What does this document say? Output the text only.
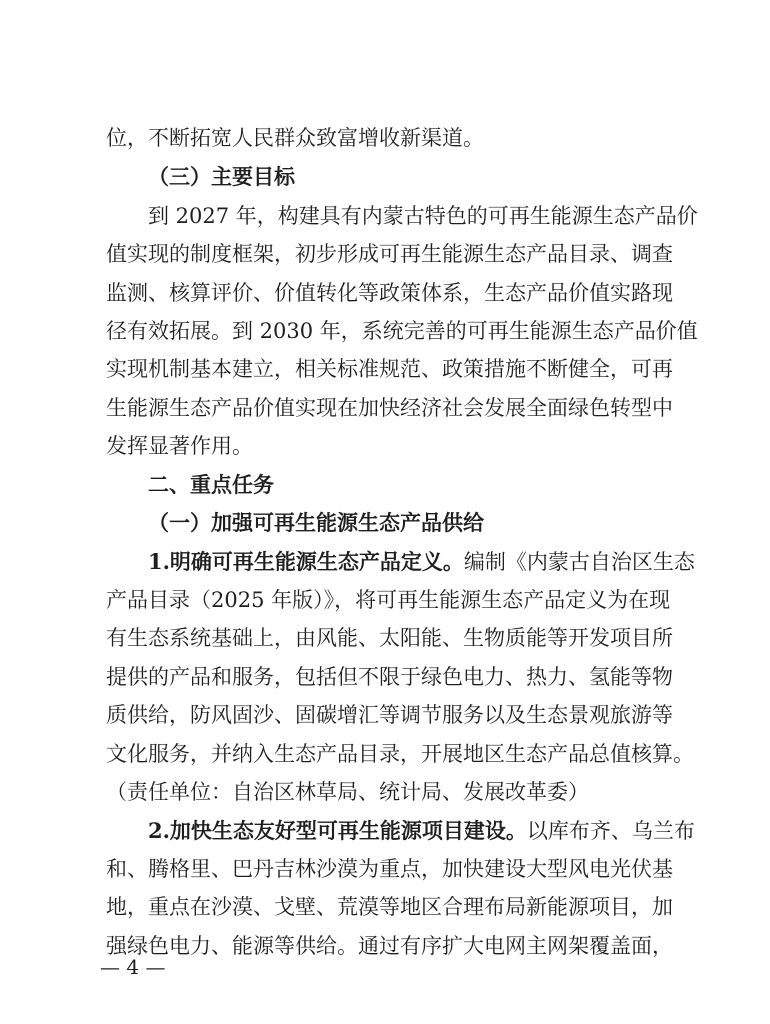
位，不断拓宽人民群众致富增收新渠道。
（三）主要目标
到 2027 年，构建具有内蒙古特色的可再生能源生态产品价
值实现的制度框架，初步形成可再生能源生态产品目录、调查
监测、核算评价、价值转化等政策体系，生态产品价值实路现
径有效拓展。到 2030 年，系统完善的可再生能源生态产品价值
实现机制基本建立，相关标准规范、政策措施不断健全，可再
生能源生态产品价值实现在加快经济社会发展全面绿色转型中
发挥显著作用。
二、重点任务
（一）加强可再生能源生态产品供给
1.明确可再生能源生态产品定义。编制《内蒙古自治区生态
产品目录（2025 年版）》，将可再生能源生态产品定义为在现
有生态系统基础上，由风能、太阳能、生物质能等开发项目所
提供的产品和服务，包括但不限于绿色电力、热力、氢能等物
质供给，防风固沙、固碳增汇等调节服务以及生态景观旅游等
文化服务，并纳入生态产品目录，开展地区生态产品总值核算。
（责任单位：自治区林草局、统计局、发展改革委）
2.加快生态友好型可再生能源项目建设。以库布齐、乌兰布
和、腾格里、巴丹吉林沙漠为重点，加快建设大型风电光伏基
地，重点在沙漠、戈壁、荒漠等地区合理布局新能源项目，加
强绿色电力、能源等供给。通过有序扩大电网主网架覆盖面，
— 4 —
